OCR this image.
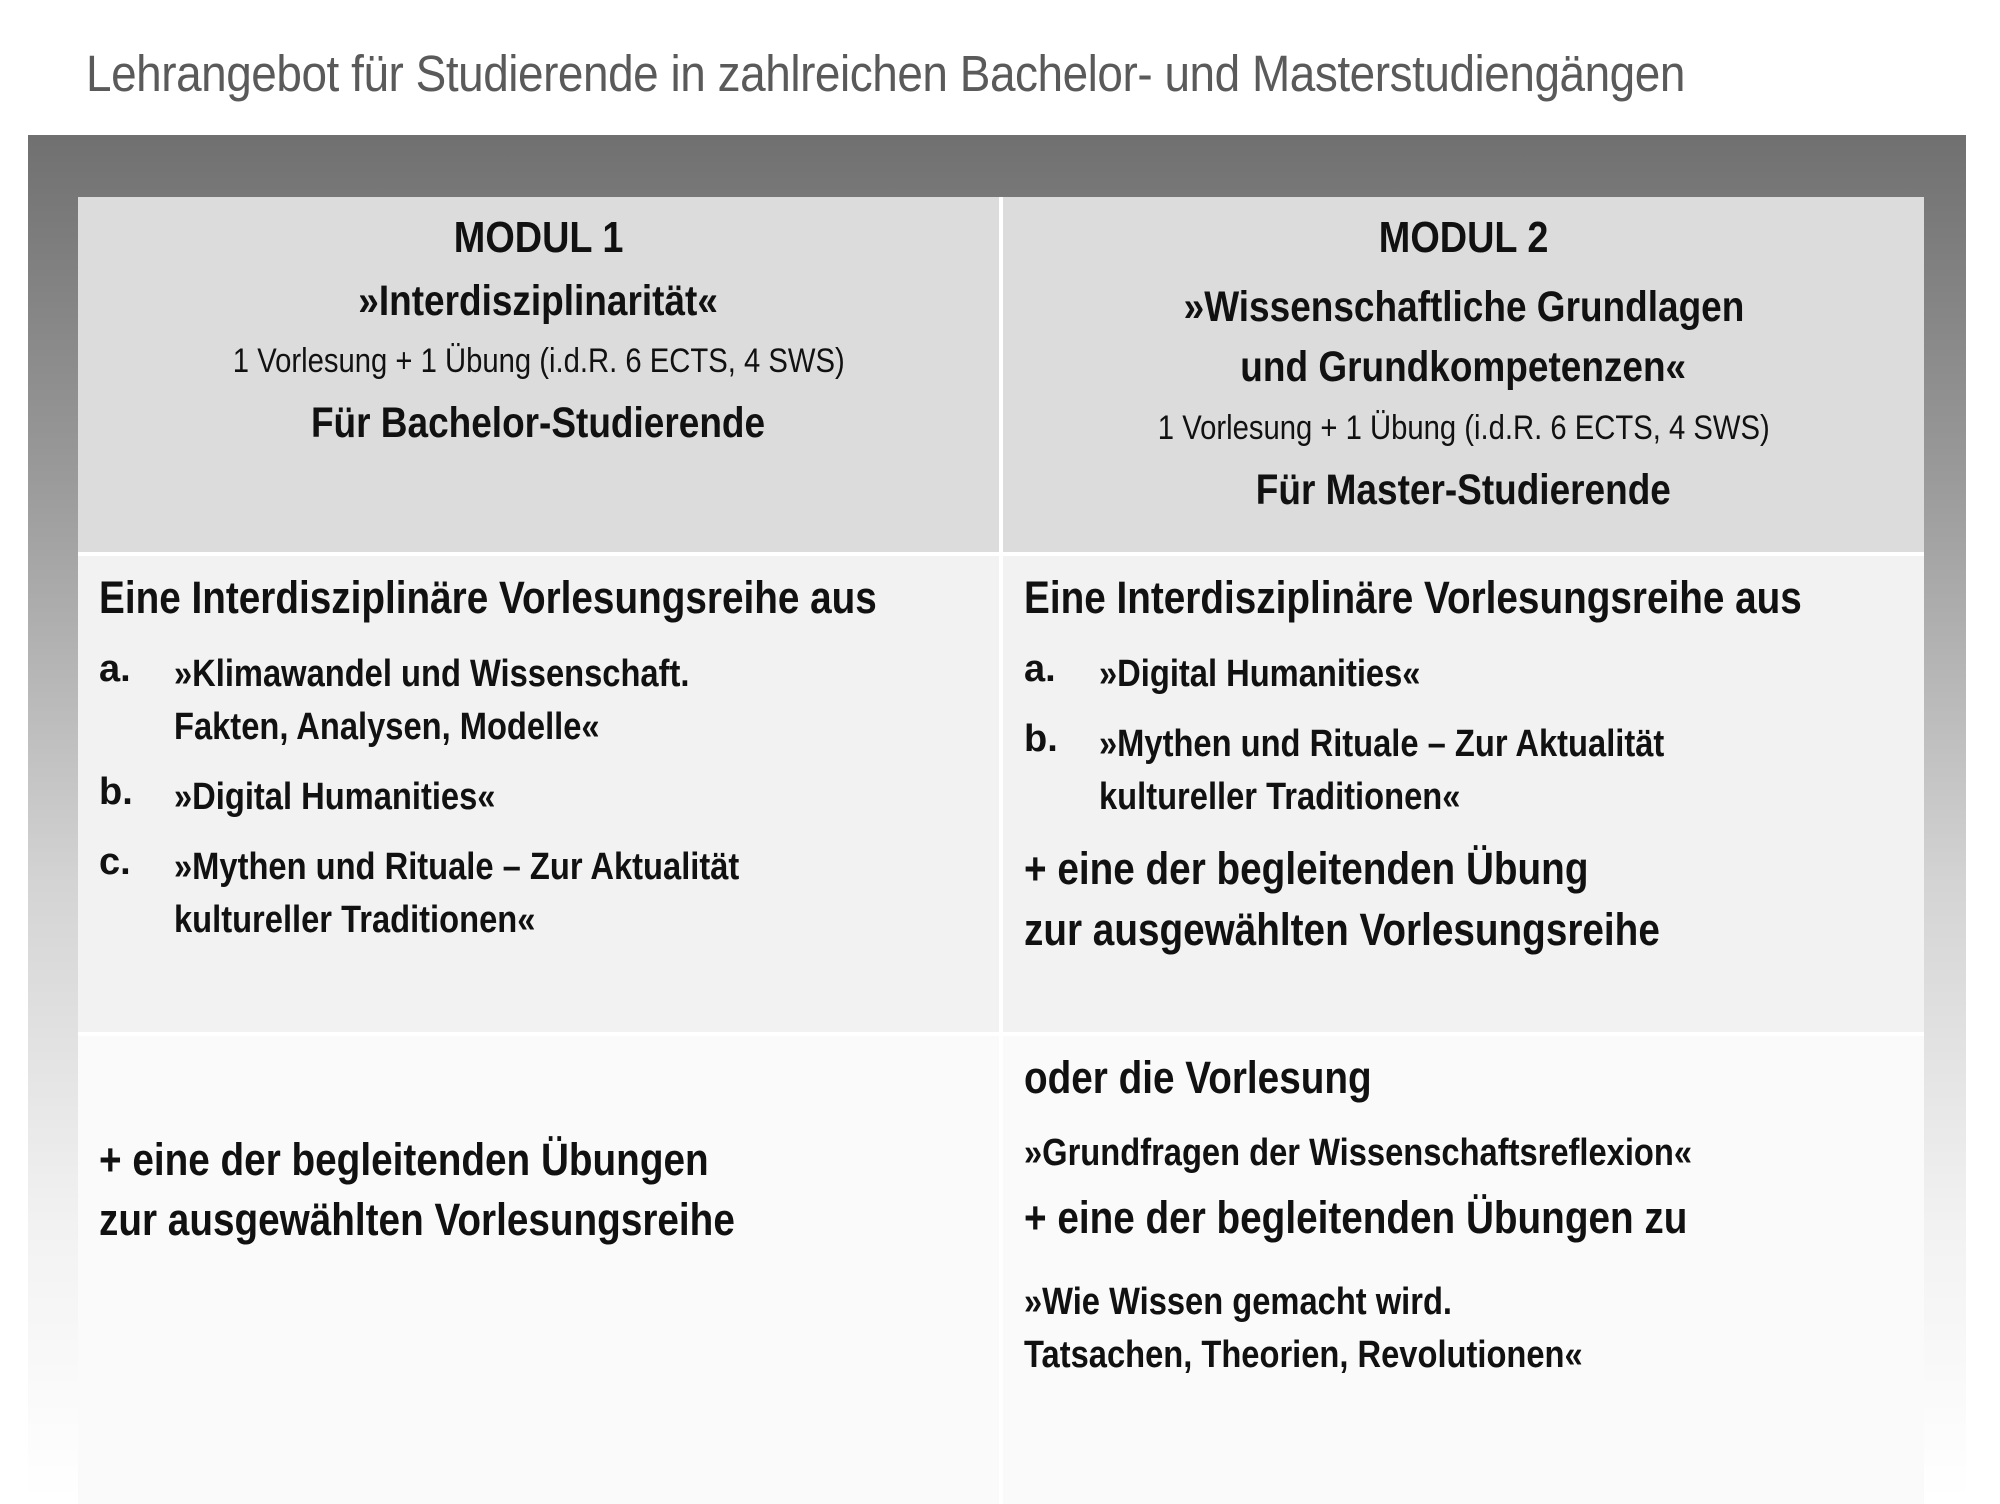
Lehrangebot für Studierende in zahlreichen Bachelor- und Masterstudiengängen
MODUL 1
»Interdisziplinarität«
1 Vorlesung + 1 Übung (i.d.R. 6 ECTS, 4 SWS)
Für Bachelor-Studierende
MODUL 2
»Wissenschaftliche Grundlagen
und Grundkompetenzen«
1 Vorlesung + 1 Übung (i.d.R. 6 ECTS, 4 SWS)
Für Master-Studierende
Eine Interdisziplinäre Vorlesungsreihe aus
a. »Klimawandel und Wissenschaft.
Fakten, Analysen, Modelle«
b. »Digital Humanities«
c. »Mythen und Rituale – Zur Aktualität
kultureller Traditionen«
Eine Interdisziplinäre Vorlesungsreihe aus
a. »Digital Humanities«
b. »Mythen und Rituale – Zur Aktualität
kultureller Traditionen«
+ eine der begleitenden Übung
zur ausgewählten Vorlesungsreihe
+ eine der begleitenden Übungen
zur ausgewählten Vorlesungsreihe
oder die Vorlesung
»Grundfragen der Wissenschaftsreflexion«
+ eine der begleitenden Übungen zu
»Wie Wissen gemacht wird.
Tatsachen, Theorien, Revolutionen«
